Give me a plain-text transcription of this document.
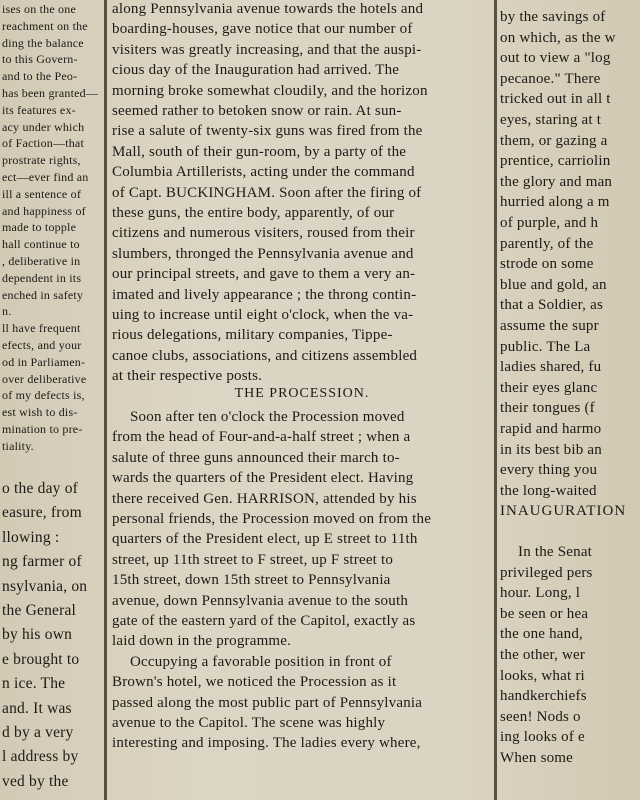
ises on the one
reachment on the
ding the balance
to this Govern-
and to the Peo-
has been granted—
its features ex-
acy under which
of Faction—that
prostrate rights,
ect—ever find an
ill a sentence of
and happiness of
made to topple
hall continue to
, deliberative in
dependent in its
enched in safety
n.
ll have frequent
efects, and your
od in Parliamen-
over deliberative
of my defects is,
est wish to dis-
mination to pre-
tiality.
o the day of
easure, from
llowing :
ng farmer of
nsylvania, on
the General
by his own
e brought to
n ice. The
and. It was
d by a very
l address by
ved by the
along Pennsylvania avenue towards the hotels and
boarding-houses, gave notice that our number of
visiters was greatly increasing, and that the auspi-
cious day of the Inauguration had arrived. The
morning broke somewhat cloudily, and the horizon
seemed rather to betoken snow or rain. At sun-
rise a salute of twenty-six guns was fired from the
Mall, south of their gun-room, by a party of the
Columbia Artillerists, acting under the command
of Capt. BUCKINGHAM. Soon after the firing of
these guns, the entire body, apparently, of our
citizens and numerous visiters, roused from their
slumbers, thronged the Pennsylvania avenue and
our principal streets, and gave to them a very an-
imated and lively appearance ; the throng contin-
uing to increase until eight o'clock, when the va-
rious delegations, military companies, Tippe-
canoe clubs, associations, and citizens assembled
at their respective posts.
THE PROCESSION.
Soon after ten o'clock the Procession moved
from the head of Four-and-a-half street ; when a
salute of three guns announced their march to-
wards the quarters of the President elect. Having
there received Gen. HARRISON, attended by his
personal friends, the Procession moved on from the
quarters of the President elect, up E street to 11th
street, up 11th street to F street, up F street to
15th street, down 15th street to Pennsylvania
avenue, down Pennsylvania avenue to the south
gate of the eastern yard of the Capitol, exactly as
laid down in the programme.
Occupying a favorable position in front of
Brown's hotel, we noticed the Procession as it
passed along the most public part of Pennsylvania
avenue to the Capitol. The scene was highly
interesting and imposing. The ladies every where,
by the savings of
on which, as the w
out to view a "log
pecanoe." There
tricked out in all t
eyes, staring at t
them, or gazing a
prentice, carriolin
the glory and man
hurried along a m
of purple, and h
parently, of the
strode on some
blue and gold, an
that a Soldier, as
assume the supr
public. The La
ladies shared, fu
their eyes glanc
their tongues (f
rapid and harmo
in its best bib an
every thing you
the long-waited
INAUGURATION
In the Senat
privileged pers
hour. Long, l
be seen or hea
the one hand,
the other, wer
looks, what ri
handkerchiefs
seen! Nods o
ing looks of e
When some
